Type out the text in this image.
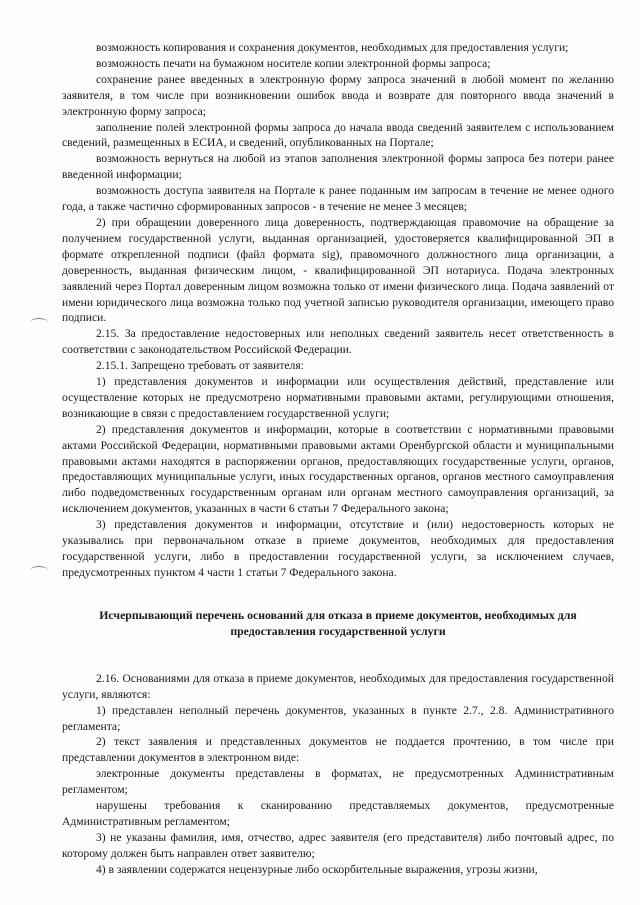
возможность копирования и сохранения документов, необходимых для предоставления услуги;

возможность печати на бумажном носителе копии электронной формы запроса;

сохранение ранее введенных в электронную форму запроса значений в любой момент по желанию заявителя, в том числе при возникновении ошибок ввода и возврате для повторного ввода значений в электронную форму запроса;

заполнение полей электронной формы запроса до начала ввода сведений заявителем с использованием сведений, размещенных в ЕСИА, и сведений, опубликованных на Портале;

возможность вернуться на любой из этапов заполнения электронной формы запроса без потери ранее введенной информации;

возможность доступа заявителя на Портале к ранее поданным им запросам в течение не менее одного года, а также частично сформированных запросов - в течение не менее 3 месяцев;

2) при обращении доверенного лица доверенность, подтверждающая правомочие на обращение за получением государственной услуги, выданная организацией, удостоверяется квалифицированной ЭП в формате открепленной подписи (файл формата sig), правомочного должностного лица организации, а доверенность, выданная физическим лицом, - квалифицированной ЭП нотариуса. Подача электронных заявлений через Портал доверенным лицом возможна только от имени физического лица. Подача заявлений от имени юридического лица возможна только под учетной записью руководителя организации, имеющего право подписи.

2.15. За предоставление недостоверных или неполных сведений заявитель несет ответственность в соответствии с законодательством Российской Федерации.

2.15.1. Запрещено требовать от заявителя:

1) представления документов и информации или осуществления действий, представление или осуществление которых не предусмотрено нормативными правовыми актами, регулирующими отношения, возникающие в связи с предоставлением государственной услуги;

2) представления документов и информации, которые в соответствии с нормативными правовыми актами Российской Федерации, нормативными правовыми актами Оренбургской области и муниципальными правовыми актами находятся в распоряжении органов, предоставляющих государственные услуги, органов, предоставляющих муниципальные услуги, иных государственных органов, органов местного самоуправления либо подведомственных государственным органам или органам местного самоуправления организаций, за исключением документов, указанных в части 6 статьи 7 Федерального закона;

3) представления документов и информации, отсутствие и (или) недостоверность которых не указывались при первоначальном отказе в приеме документов, необходимых для предоставления государственной услуги, либо в предоставлении государственной услуги, за исключением случаев, предусмотренных пунктом 4 части 1 статьи 7 Федерального закона.

Исчерпывающий перечень оснований для отказа в приеме документов, необходимых для предоставления государственной услуги

2.16. Основаниями для отказа в приеме документов, необходимых для предоставления государственной услуги, являются:

1) представлен неполный перечень документов, указанных в пункте 2.7., 2.8. Административного регламента;

2) текст заявления и представленных документов не поддается прочтению, в том числе при представлении документов в электронном виде:

электронные документы представлены в форматах, не предусмотренных Административным регламентом;

нарушены требования к сканированию представляемых документов, предусмотренные Административным регламентом;

3) не указаны фамилия, имя, отчество, адрес заявителя (его представителя) либо почтовый адрес, по которому должен быть направлен ответ заявителю;

4) в заявлении содержатся нецензурные либо оскорбительные выражения, угрозы жизни,
